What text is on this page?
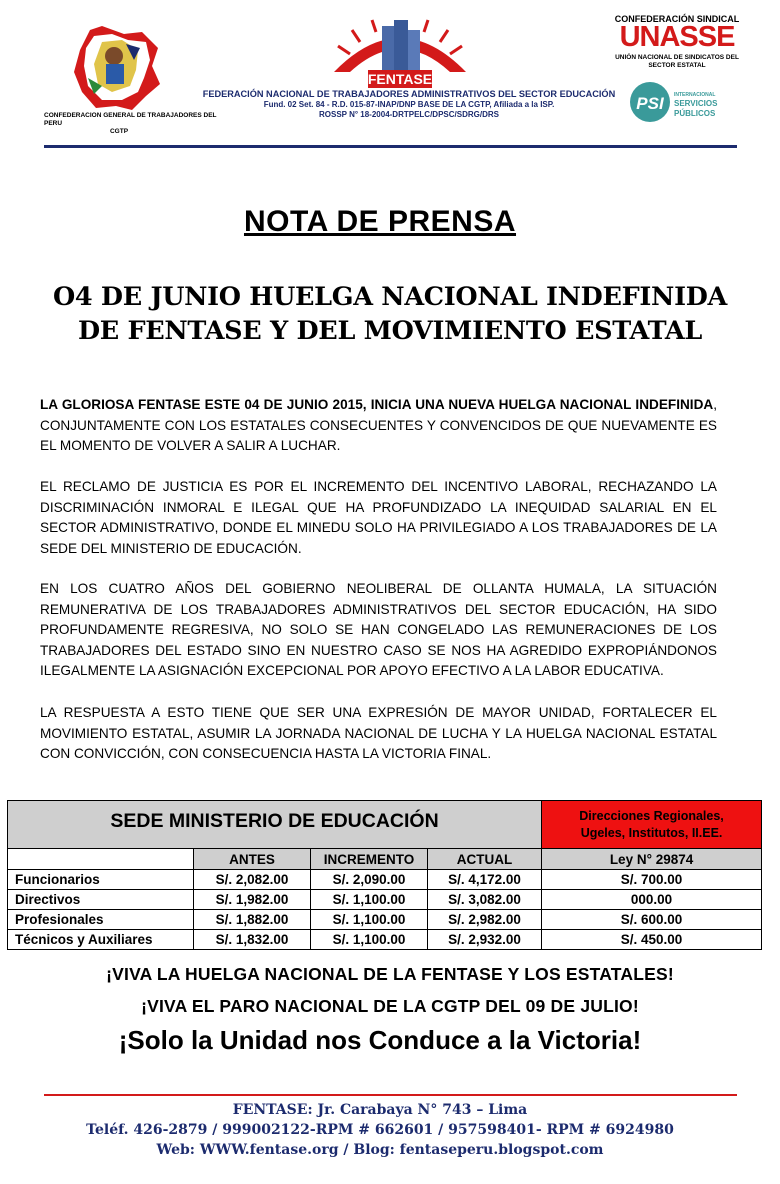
CONFEDERACION GENERAL DE TRABAJADORES DEL PERU
CGTP
FENTASE
FEDERACIÓN NACIONAL DE TRABAJADORES ADMINISTRATIVOS DEL SECTOR EDUCACIÓN
Fund. 02 Set. 84 - R.D. 015-87-INAP/DNP BASE DE LA CGTP, Afiliada a la ISP.
ROSSP N° 18-2004-DRTPELC/DPSC/SDRG/DRS
CONFEDERACIÓN SINDICAL
UNASSE
UNIÓN NACIONAL DE SINDICATOS DEL SECTOR ESTATAL
PSI INTERNACIONAL
SERVICIOS
PÚBLICOS
NOTA DE PRENSA
O4 DE JUNIO HUELGA NACIONAL INDEFINIDA
DE FENTASE Y DEL MOVIMIENTO ESTATAL
LA GLORIOSA FENTASE ESTE 04 DE JUNIO 2015, INICIA UNA NUEVA HUELGA NACIONAL INDEFINIDA, CONJUNTAMENTE CON LOS ESTATALES CONSECUENTES Y CONVENCIDOS DE QUE NUEVAMENTE ES EL MOMENTO DE VOLVER A SALIR A LUCHAR.
EL RECLAMO DE JUSTICIA ES POR EL INCREMENTO DEL INCENTIVO LABORAL, RECHAZANDO LA DISCRIMINACIÓN INMORAL E ILEGAL QUE HA PROFUNDIZADO LA INEQUIDAD SALARIAL EN EL SECTOR ADMINISTRATIVO, DONDE EL MINEDU SOLO HA PRIVILEGIADO A LOS TRABAJADORES DE LA SEDE DEL MINISTERIO DE EDUCACIÓN.
EN LOS CUATRO AÑOS DEL GOBIERNO NEOLIBERAL DE OLLANTA HUMALA, LA SITUACIÓN REMUNERATIVA DE LOS TRABAJADORES ADMINISTRATIVOS DEL SECTOR EDUCACIÓN, HA SIDO PROFUNDAMENTE REGRESIVA, NO SOLO SE HAN CONGELADO LAS REMUNERACIONES DE LOS TRABAJADORES DEL ESTADO SINO EN NUESTRO CASO SE NOS HA AGREDIDO EXPROPIÁNDONOS ILEGALMENTE LA ASIGNACIÓN EXCEPCIONAL POR APOYO EFECTIVO A LA LABOR EDUCATIVA.
LA RESPUESTA A ESTO TIENE QUE SER UNA EXPRESIÓN DE MAYOR UNIDAD, FORTALECER EL MOVIMIENTO ESTATAL, ASUMIR LA JORNADA NACIONAL DE LUCHA Y LA HUELGA NACIONAL ESTATAL CON CONVICCIÓN, CON CONSECUENCIA HASTA LA VICTORIA FINAL.
SEDE MINISTERIO DE EDUCACIÓN				Direcciones Regionales,
Ugeles, Institutos, II.EE.

	ANTES	INCREMENTO	ACTUAL	Ley N° 29874
Funcionarios	S/. 2,082.00	S/. 2,090.00	S/. 4,172.00	S/. 700.00
Directivos	S/. 1,982.00	S/. 1,100.00	S/. 3,082.00	000.00
Profesionales	S/. 1,882.00	S/. 1,100.00	S/. 2,982.00	S/. 600.00
Técnicos y Auxiliares	S/. 1,832.00	S/. 1,100.00	S/. 2,932.00	S/. 450.00
¡VIVA LA HUELGA NACIONAL DE LA FENTASE Y LOS ESTATALES!
¡VIVA EL PARO NACIONAL DE LA CGTP DEL 09 DE JULIO!
¡Solo la Unidad nos Conduce a la Victoria!
FENTASE: Jr. Carabaya N° 743 – Lima
Teléf. 426-2879 / 999002122-RPM # 662601 / 957598401- RPM # 6924980
Web: WWW.fentase.org / Blog: fentaseperu.blogspot.com
